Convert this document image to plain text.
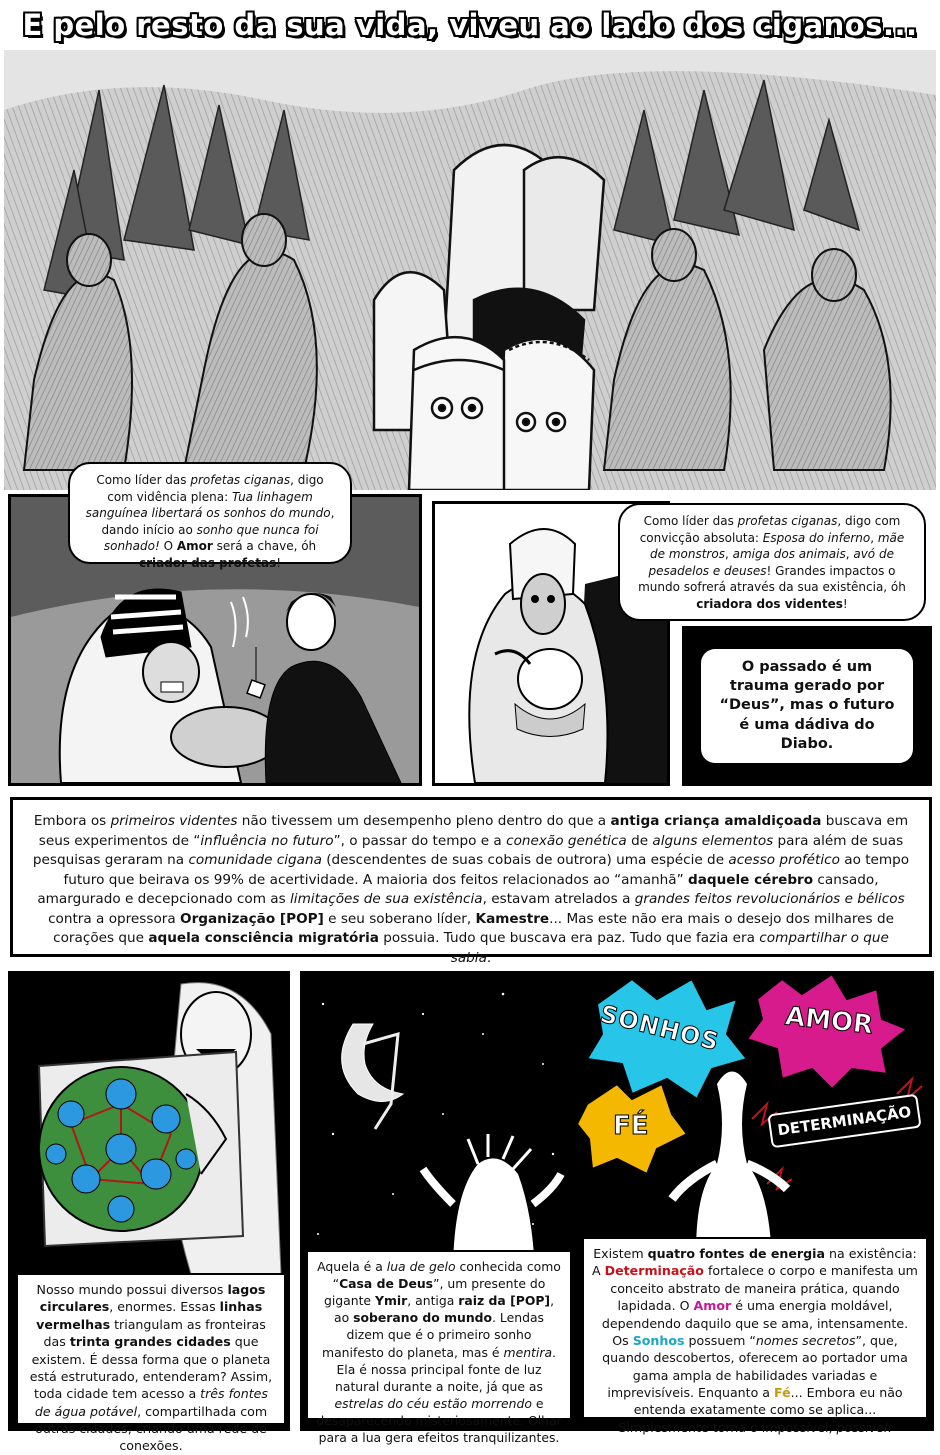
E pelo resto da sua vida, viveu ao lado dos ciganos...
Como líder das profetas ciganas, digo com vidência plena: Tua linhagem sanguínea libertará os sonhos do mundo, dando início ao sonho que nunca foi sonhado! O Amor será a chave, óh criador das profetas!
Como líder das profetas ciganas, digo com convicção absoluta: Esposa do inferno, mãe de monstros, amiga dos animais, avó de pesadelos e deuses! Grandes impactos o mundo sofrerá através da sua existência, óh criadora dos videntes!
O passado é um trauma gerado por “Deus”, mas o futuro é uma dádiva do Diabo.
Embora os primeiros videntes não tivessem um desempenho pleno dentro do que a antiga criança amaldiçoada buscava em seus experimentos de “influência no futuro”, o passar do tempo e a conexão genética de alguns elementos para além de suas pesquisas geraram na comunidade cigana (descendentes de suas cobais de outrora) uma espécie de acesso profético ao tempo futuro que beirava os 99% de acertividade. A maioria dos feitos relacionados ao “amanhã” daquele cérebro cansado, amargurado e decepcionado com as limitações de sua existência, estavam atrelados a grandes feitos revolucionários e bélicos contra a opressora Organização [POP] e seu soberano líder, Kamestre... Mas este não era mais o desejo dos milhares de corações que aquela consciência migratória possuia. Tudo que buscava era paz. Tudo que fazia era compartilhar o que sabia.
SONHOS
FÉ
AMOR
DETERMINAÇÃO
Nosso mundo possui diversos lagos circulares, enormes. Essas linhas vermelhas triangulam as fronteiras das trinta grandes cidades que existem. É dessa forma que o planeta está estruturado, entenderam? Assim, toda cidade tem acesso a três fontes de água potável, compartilhada com outras cidades, criando uma rede de conexões.
Aquela é a lua de gelo conhecida como “Casa de Deus”, um presente do gigante Ymir, antiga raiz da [POP], ao soberano do mundo. Lendas dizem que é o primeiro sonho manifesto do planeta, mas é mentira. Ela é nossa principal fonte de luz natural durante a noite, já que as estrelas do céu estão morrendo e desaparecendo misteriosamente. Olhar para a lua gera efeitos tranquilizantes.
Existem quatro fontes de energia na existência: A Determinação fortalece o corpo e manifesta um conceito abstrato de maneira prática, quando lapidada. O Amor é uma energia moldável, dependendo daquilo que se ama, intensamente. Os Sonhos possuem “nomes secretos”, que, quando descobertos, oferecem ao portador uma gama ampla de habilidades variadas e imprevisíveis. Enquanto a Fé... Embora eu não entenda exatamente como se aplica... Simplesmente torna o impossível, possível.
